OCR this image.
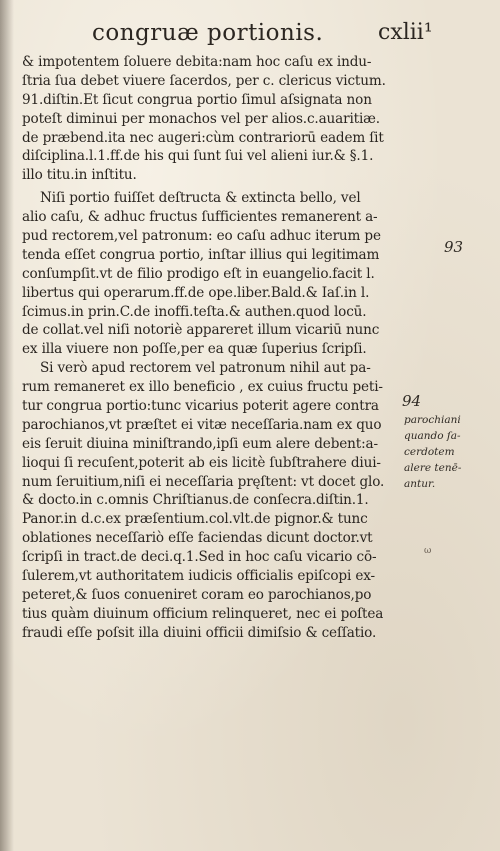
congruæ portionis. cxlii¹
& impotentem ſoluere debita:nam hoc caſu ex indu-
ſtria ſua debet viuere ſacerdos, per c. clericus victum.
91.diſtin.Et ſicut congrua portio ſimul aſsignata non
poteſt diminui per monachos vel per alios.c.auaritiæ.
de præbend.ita nec augeri:cùm contrariorū eadem ſit
diſciplina.l.1.ff.de his qui ſunt ſui vel alieni iur.& §.1.
illo titu.in inſtitu.
Niſi portio fuiſſet deſtructa & extincta bello, vel
alio caſu, & adhuc fructus ſufficientes remanerent a-
pud rectorem,vel patronum: eo caſu adhuc iterum pe
tenda eſſet congrua portio, inſtar illius qui legitimam
conſumpſit.vt de filio prodigo eſt in euangelio.facit l.
libertus qui operarum.ff.de ope.liber.Bald.& Iaſ.in l.
ſcimus.in prin.C.de inoffi.teſta.& authen.quod locū.
de collat.vel niſi notoriè appareret illum vicariū nunc
ex illa viuere non poſſe,per ea quæ ſuperius ſcripſi.
Si verò apud rectorem vel patronum nihil aut pa-
rum remaneret ex illo beneficio , ex cuius fructu peti-
tur congrua portio:tunc vicarius poterit agere contra
parochianos,vt præſtet ei vitæ neceſſaria.nam ex quo
eis ſeruit diuina miniſtrando,ipſi eum alere debent:a-
lioqui ſi recuſent,poterit ab eis licitè ſubſtrahere diui-
num ſeruitium,niſi ei neceſſaria pręſtent: vt docet glo.
& docto.in c.omnis Chriſtianus.de conſecra.diſtin.1.
Panor.in d.c.ex præſentium.col.vlt.de pignor.& tunc
oblationes neceſſariò eſſe faciendas dicunt doctor.vt
ſcripſi in tract.de deci.q.1.Sed in hoc caſu vicario cō-
ſulerem,vt authoritatem iudicis officialis epiſcopi ex-
peteret,& ſuos conueniret coram eo parochianos,po
tius quàm diuinum officium relinqueret, nec ei poſtea
fraudi eſſe poſsit illa diuini officii dimiſsio & ceſſatio.
93
94
parochiani
quando ſa-
cerdotem
alere tenē-
antur.
ω
